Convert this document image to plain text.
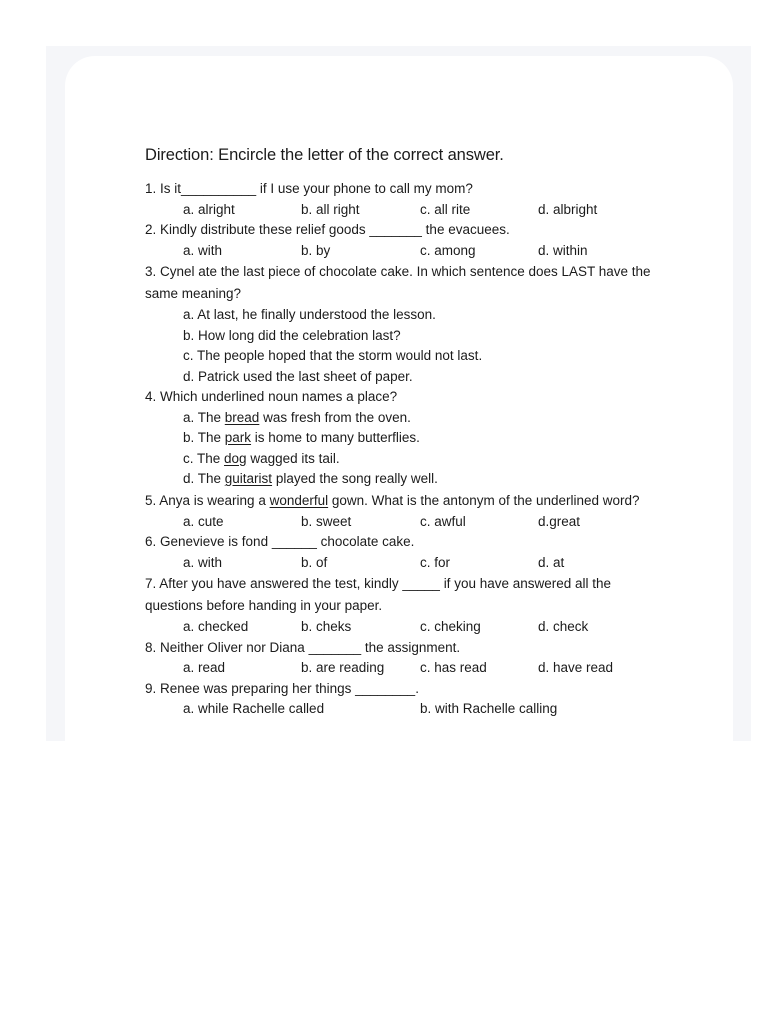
Direction: Encircle the letter of the correct answer.
1. Is it__________ if I use your phone to call my mom?
a. alright	b. all right	c. all rite	d. albright
2. Kindly distribute these relief goods _______ the evacuees.
a. with	b. by	c. among	d. within
3. Cynel ate the last piece of chocolate cake. In which sentence does LAST have the same meaning?
a. At last, he finally understood the lesson.
b. How long did the celebration last?
c. The people hoped that the storm would not last.
d. Patrick used the last sheet of paper.
4. Which underlined noun names a place?
a. The bread was fresh from the oven.
b. The park is home to many butterflies.
c. The dog wagged its tail.
d. The guitarist played the song really well.
5. Anya is wearing a wonderful gown. What is the antonym of the underlined word?
a. cute	b. sweet	c. awful	d.great
6. Genevieve is fond ______ chocolate cake.
a. with	b. of	c. for	d. at
7. After you have answered the test, kindly _____ if you have answered all the questions before handing in your paper.
a. checked	b. cheks	c. cheking	d. check
8. Neither Oliver nor Diana _______ the assignment.
a. read	b. are reading	c. has read	d. have read
9. Renee was preparing her things ________.
a. while Rachelle called	b. with Rachelle calling
